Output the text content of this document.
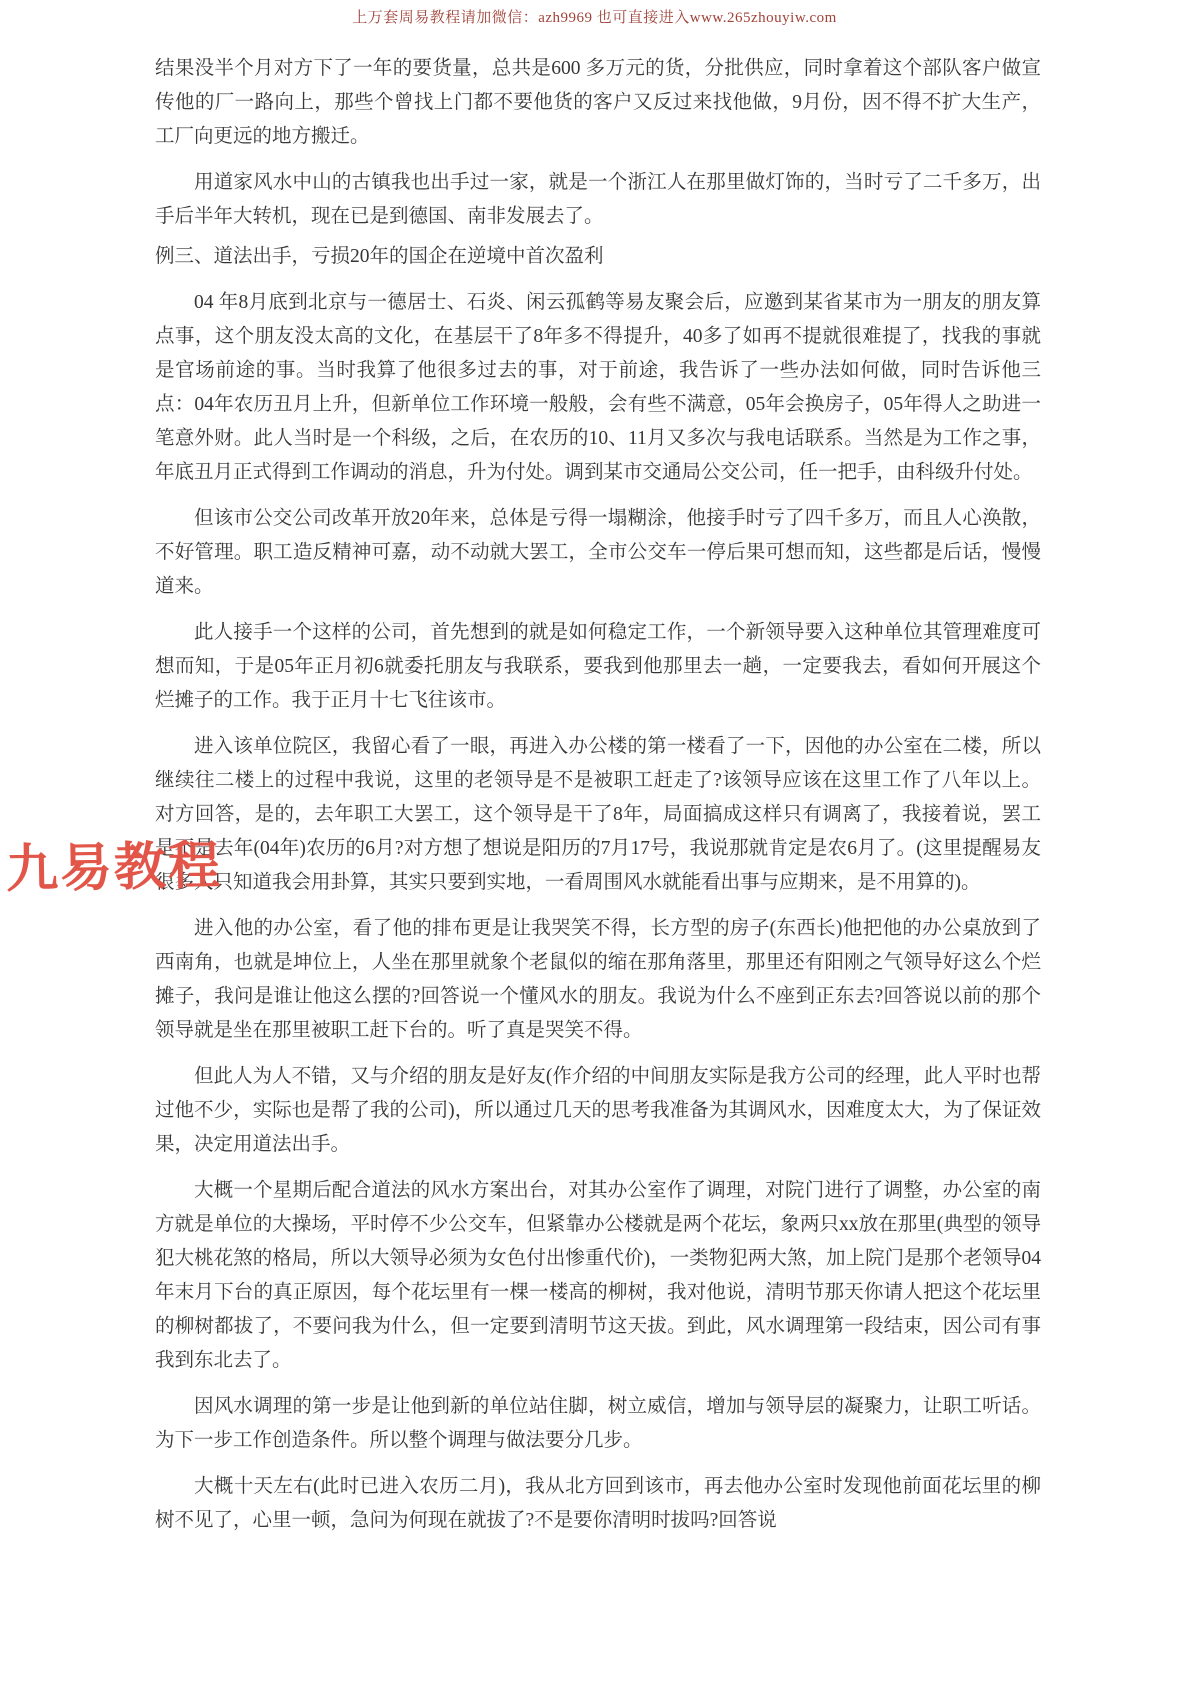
上万套周易教程请加微信：azh9969 也可直接进入www.265zhouyiw.com
结果没半个月对方下了一年的要货量，总共是600 多万元的货，分批供应，同时拿着这个部队客户做宣传他的厂一路向上，那些个曾找上门都不要他货的客户又反过来找他做，9月份，因不得不扩大生产，工厂向更远的地方搬迁。
用道家风水中山的古镇我也出手过一家，就是一个浙江人在那里做灯饰的，当时亏了二千多万，出手后半年大转机，现在已是到德国、南非发展去了。
例三、道法出手，亏损20年的国企在逆境中首次盈利
04 年8月底到北京与一德居士、石炎、闲云孤鹤等易友聚会后，应邀到某省某市为一朋友的朋友算点事，这个朋友没太高的文化，在基层干了8年多不得提升，40多了如再不提就很难提了，找我的事就是官场前途的事。当时我算了他很多过去的事，对于前途，我告诉了一些办法如何做，同时告诉他三点：04年农历丑月上升，但新单位工作环境一般般，会有些不满意，05年会换房子，05年得人之助进一笔意外财。此人当时是一个科级，之后，在农历的10、11月又多次与我电话联系。当然是为工作之事，年底丑月正式得到工作调动的消息，升为付处。调到某市交通局公交公司，任一把手，由科级升付处。
但该市公交公司改革开放20年来，总体是亏得一塌糊涂，他接手时亏了四千多万，而且人心涣散，不好管理。职工造反精神可嘉，动不动就大罢工，全市公交车一停后果可想而知，这些都是后话，慢慢道来。
此人接手一个这样的公司，首先想到的就是如何稳定工作，一个新领导要入这种单位其管理难度可想而知，于是05年正月初6就委托朋友与我联系，要我到他那里去一趟，一定要我去，看如何开展这个烂摊子的工作。我于正月十七飞往该市。
进入该单位院区，我留心看了一眼，再进入办公楼的第一楼看了一下，因他的办公室在二楼，所以继续往二楼上的过程中我说，这里的老领导是不是被职工赶走了?该领导应该在这里工作了八年以上。对方回答，是的，去年职工大罢工，这个领导是干了8年，局面搞成这样只有调离了，我接着说，罢工是不是去年(04年)农历的6月?对方想了想说是阳历的7月17号，我说那就肯定是农6月了。(这里提醒易友很多人只知道我会用卦算，其实只要到实地，一看周围风水就能看出事与应期来，是不用算的)。
进入他的办公室，看了他的排布更是让我哭笑不得，长方型的房子(东西长)他把他的办公桌放到了西南角，也就是坤位上，人坐在那里就象个老鼠似的缩在那角落里，那里还有阳刚之气领导好这么个烂摊子，我问是谁让他这么摆的?回答说一个懂风水的朋友。我说为什么不座到正东去?回答说以前的那个领导就是坐在那里被职工赶下台的。听了真是哭笑不得。
但此人为人不错，又与介绍的朋友是好友(作介绍的中间朋友实际是我方公司的经理，此人平时也帮过他不少，实际也是帮了我的公司)，所以通过几天的思考我准备为其调风水，因难度太大，为了保证效果，决定用道法出手。
大概一个星期后配合道法的风水方案出台，对其办公室作了调理，对院门进行了调整，办公室的南方就是单位的大操场，平时停不少公交车，但紧靠办公楼就是两个花坛，象两只xx放在那里(典型的领导犯大桃花煞的格局，所以大领导必须为女色付出惨重代价)，一类物犯两大煞，加上院门是那个老领导04年末月下台的真正原因，每个花坛里有一棵一楼高的柳树，我对他说，清明节那天你请人把这个花坛里的柳树都拔了，不要问我为什么，但一定要到清明节这天拔。到此，风水调理第一段结束，因公司有事我到东北去了。
因风水调理的第一步是让他到新的单位站住脚，树立威信，增加与领导层的凝聚力，让职工听话。为下一步工作创造条件。所以整个调理与做法要分几步。
大概十天左右(此时已进入农历二月)，我从北方回到该市，再去他办公室时发现他前面花坛里的柳树不见了，心里一顿，急问为何现在就拔了?不是要你清明时拔吗?回答说
九易教程
